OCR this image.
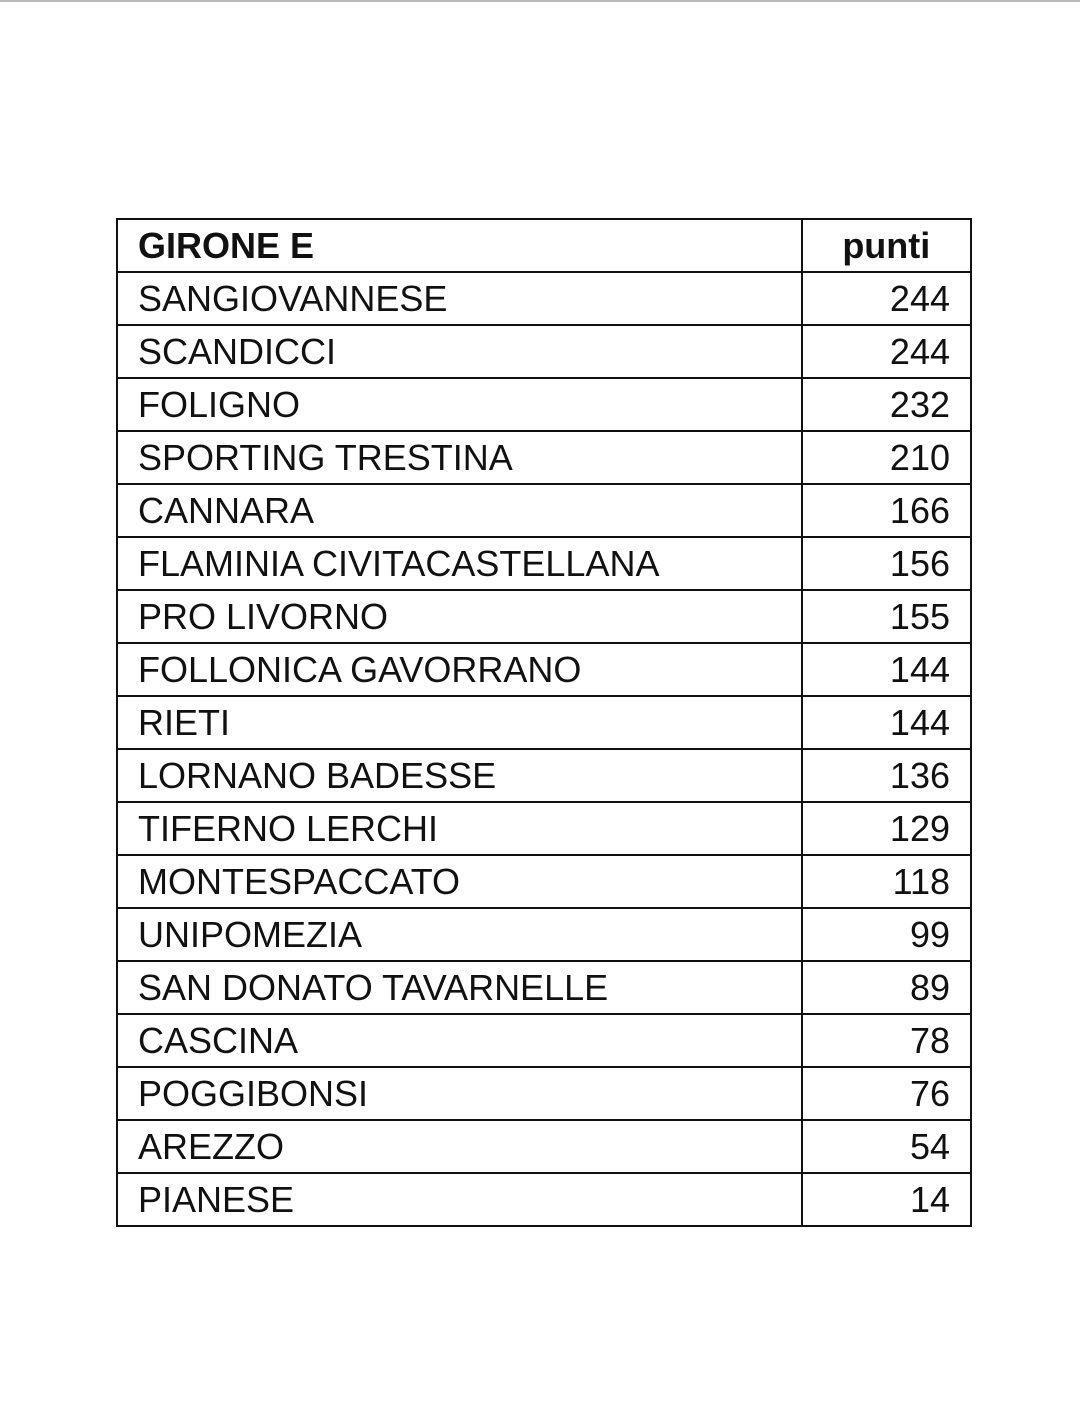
GIRONE E	punti
SANGIOVANNESE	244
SCANDICCI	244
FOLIGNO	232
SPORTING TRESTINA	210
CANNARA	166
FLAMINIA CIVITACASTELLANA	156
PRO LIVORNO	155
FOLLONICA GAVORRANO	144
RIETI	144
LORNANO BADESSE	136
TIFERNO LERCHI	129
MONTESPACCATO	118
UNIPOMEZIA	99
SAN DONATO TAVARNELLE	89
CASCINA	78
POGGIBONSI	76
AREZZO	54
PIANESE	14
